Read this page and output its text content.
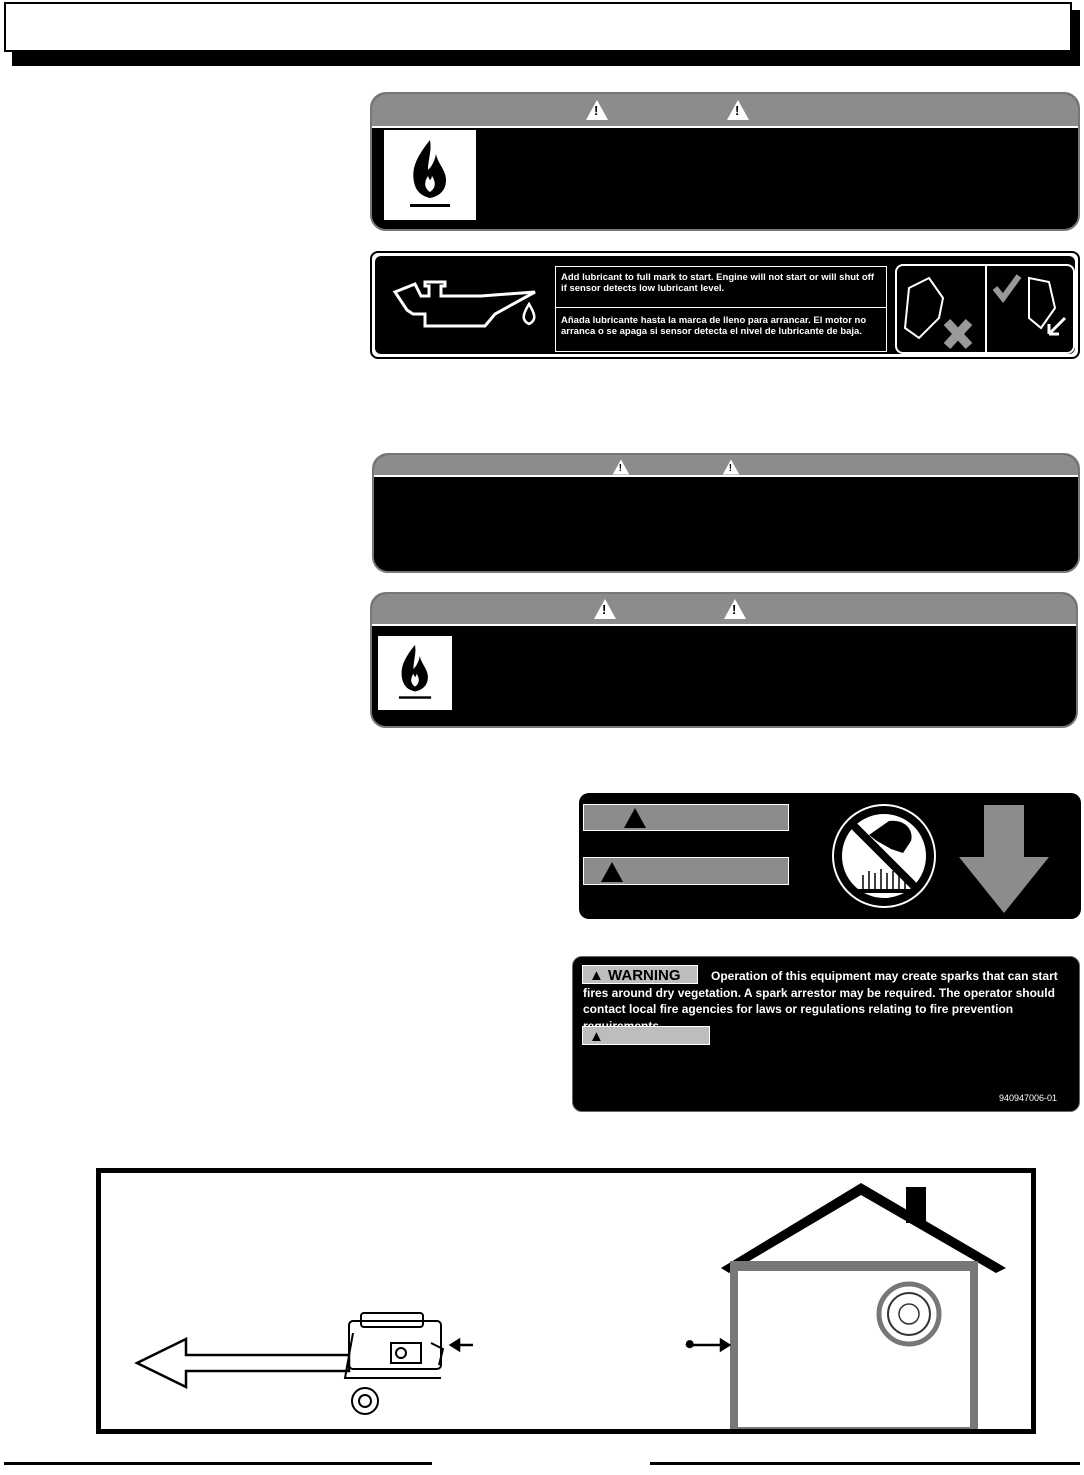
!
!
Add lubricant to full mark to start. Engine will not start or will shut off if sensor detects low lubricant level.
Añada lubricante hasta la marca de lleno para arrancar. El motor no arranca o se apaga si sensor detecta el nivel de lubricante de baja.
!
!
!
!
!
!
▲ WARNING	Operation of this equipment may create sparks that can start fires around dry vegetation. A spark arrestor may be required. The operator should contact local fire agencies for laws or regulations relating to fire prevention
▲ ADVERTENCIA
940947006-01
*
